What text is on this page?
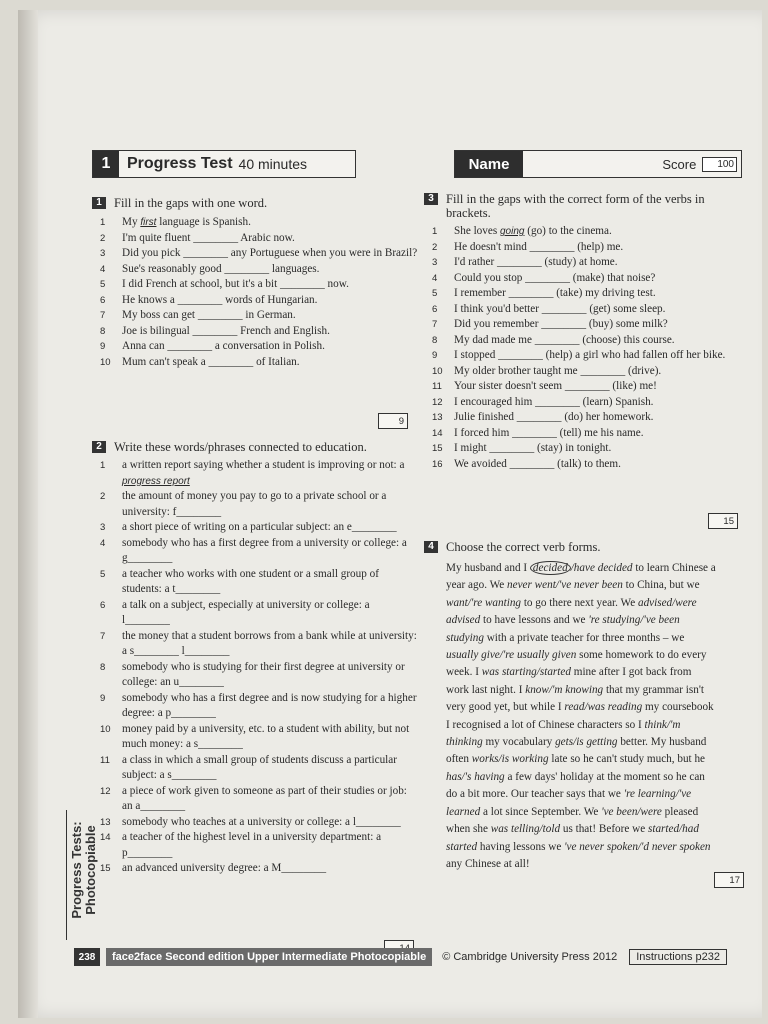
1	Progress Test 40 minutes	Name	Score	100
1 Fill in the gaps with one word.
1	My first language is Spanish.
2	I'm quite fluent ________ Arabic now.
3	Did you pick ________ any Portuguese when you were in Brazil?
4	Sue's reasonably good ________ languages.
5	I did French at school, but it's a bit ________ now.
6	He knows a ________ words of Hungarian.
7	My boss can get ________ in German.
8	Joe is bilingual ________ French and English.
9	Anna can ________ a conversation in Polish.
10	Mum can't speak a ________ of Italian.
9
2 Write these words/phrases connected to education.
1	a written report saying whether a student is improving or not: a progress report
2	the amount of money you pay to go to a private school or a university: f________
3	a short piece of writing on a particular subject: an e________
4	somebody who has a first degree from a university or college: a g________
5	a teacher who works with one student or a small group of students: a t________
6	a talk on a subject, especially at university or college: a l________
7	the money that a student borrows from a bank while at university: a s________ l________
8	somebody who is studying for their first degree at university or college: an u________
9	somebody who has a first degree and is now studying for a higher degree: a p________
10	money paid by a university, etc. to a student with ability, but not much money: a s________
11	a class in which a small group of students discuss a particular subject: a s________
12	a piece of work given to someone as part of their studies or job: an a________
13	somebody who teaches at a university or college: a l________
14	a teacher of the highest level in a university department: a p________
15	an advanced university degree: a M________
3 Fill in the gaps with the correct form of the verbs in brackets.
1	She loves going (go) to the cinema.
2	He doesn't mind ________ (help) me.
3	I'd rather ________ (study) at home.
4	Could you stop ________ (make) that noise?
5	I remember ________ (take) my driving test.
6	I think you'd better ________ (get) some sleep.
7	Did you remember ________ (buy) some milk?
8	My dad made me ________ (choose) this course.
9	I stopped ________ (help) a girl who had fallen off her bike.
10	My older brother taught me ________ (drive).
11	Your sister doesn't seem ________ (like) me!
12	I encouraged him ________ (learn) Spanish.
13	Julie finished ________ (do) her homework.
14	I forced him ________ (tell) me his name.
15	I might ________ (stay) in tonight.
16	We avoided ________ (talk) to them.
15
4 Choose the correct verb forms.
My husband and I decided /have decided to learn Chinese a year ago. We never went/'ve never been to China, but we want/'re wanting to go there next year. We advised/were advised to have lessons and we 're studying/'ve been studying with a private teacher for three months – we usually give/'re usually given some homework to do every week. I was starting/started mine after I got back from work last night. I know/'m knowing that my grammar isn't very good yet, but while I read/was reading my coursebook I recognised a lot of Chinese characters so I think/'m thinking my vocabulary gets/is getting better. My husband often works/is working late so he can't study much, but he has/'s having a few days' holiday at the moment so he can do a bit more. Our teacher says that we 're learning/'ve learned a lot since September. We 've been/were pleased when she was telling/told us that! Before we started/had started having lessons we 've never spoken/'d never spoken any Chinese at all!
17
Progress Tests: Photocopiable
238	face2face Second edition Upper Intermediate Photocopiable	© Cambridge University Press 2012	Instructions p232
